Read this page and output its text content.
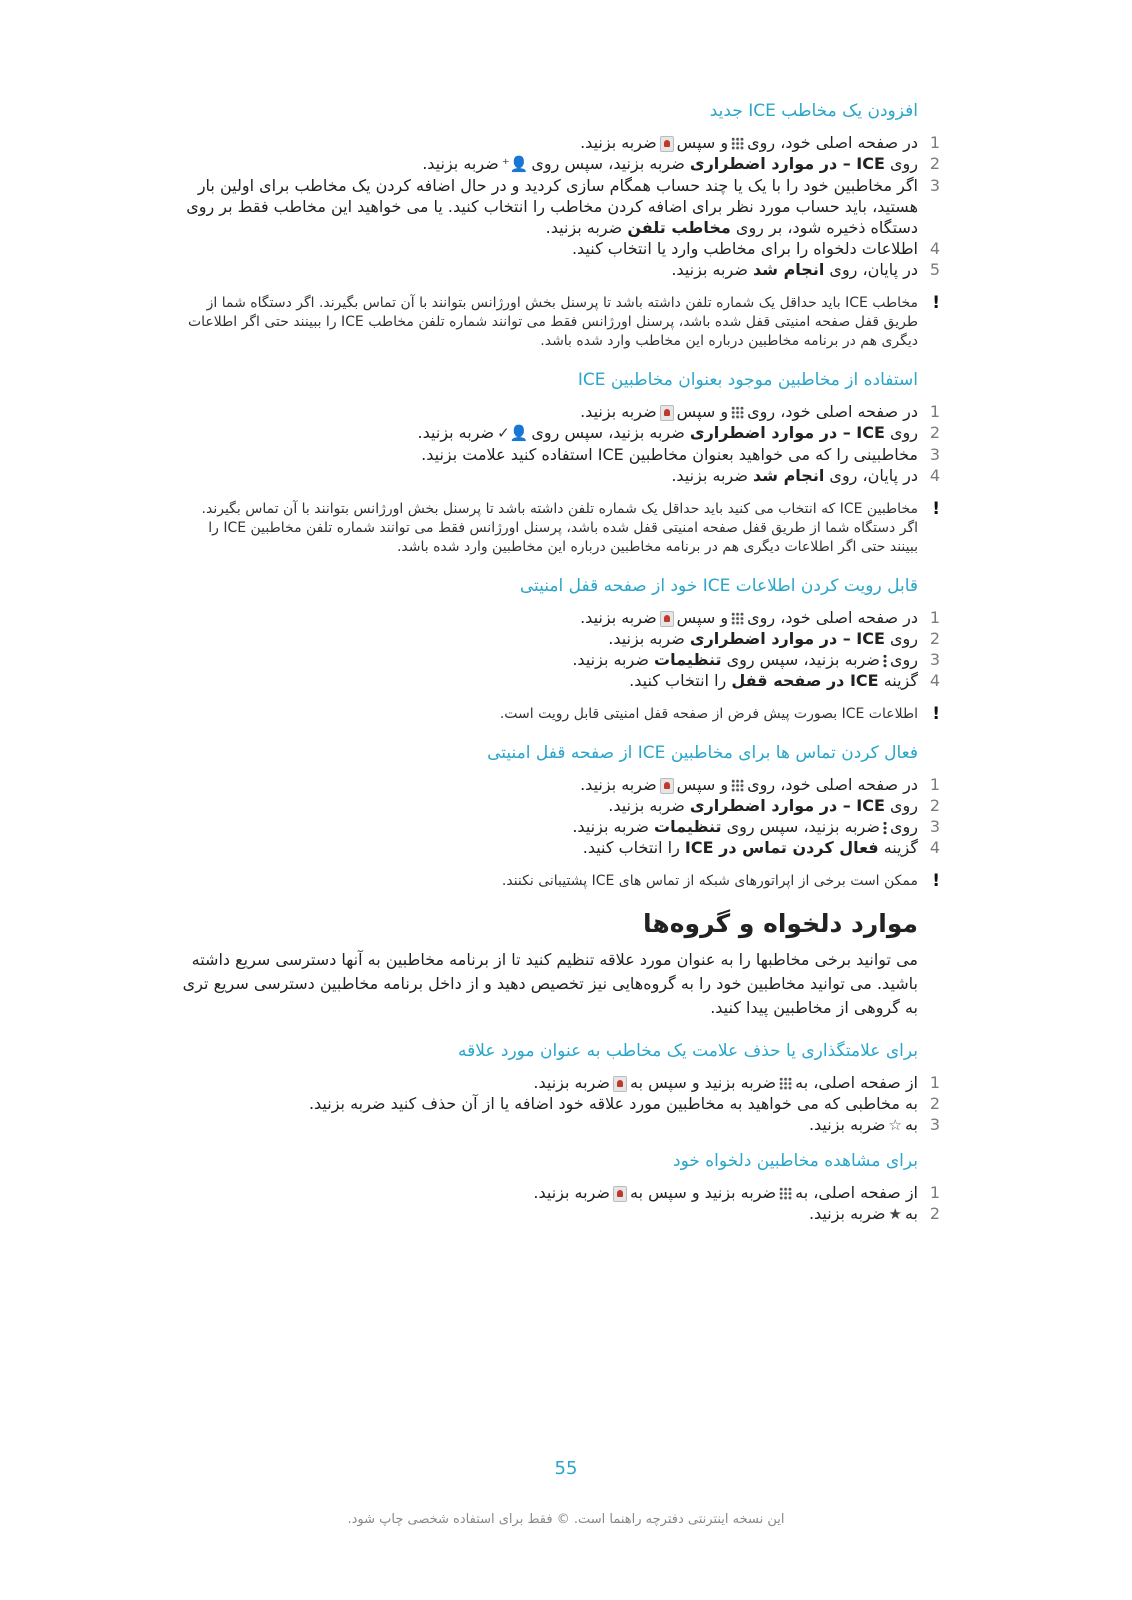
افزودن یک مخاطب ICE جدید
1
در صفحه اصلی خود، رویو سپسضربه بزنید.
2
روی ICE – در موارد اضطراری ضربه بزنید، سپس روی👤⁺ضربه بزنید.
3
اگر مخاطبین خود را با یک یا چند حساب همگام سازی کردید و در حال اضافه کردن یک مخاطب برای اولین بار هستید، باید حساب مورد نظر برای اضافه کردن مخاطب را انتخاب کنید. یا می خواهید این مخاطب فقط بر روی دستگاه ذخیره شود، بر روی مخاطب تلفن ضربه بزنید.
4
اطلاعات دلخواه را برای مخاطب وارد یا انتخاب کنید.
5
در پایان، روی انجام شد ضربه بزنید.
!
مخاطب ICE باید حداقل یک شماره تلفن داشته باشد تا پرسنل بخش اورژانس بتوانند با آن تماس بگیرند. اگر دستگاه شما از طریق قفل صفحه امنیتی قفل شده باشد، پرسنل اورژانس فقط می توانند شماره تلفن مخاطب ICE را ببینند حتی اگر اطلاعات دیگری هم در برنامه مخاطبین درباره این مخاطب وارد شده باشد.
استفاده از مخاطبین موجود بعنوان مخاطبین ICE
1
در صفحه اصلی خود، رویو سپسضربه بزنید.
2
روی ICE – در موارد اضطراری ضربه بزنید، سپس روی👤✓ضربه بزنید.
3
مخاطبینی را که می خواهید بعنوان مخاطبین ICE استفاده کنید علامت بزنید.
4
در پایان، روی انجام شد ضربه بزنید.
!
مخاطبین ICE که انتخاب می کنید باید حداقل یک شماره تلفن داشته باشد تا پرسنل بخش اورژانس بتوانند با آن تماس بگیرند. اگر دستگاه شما از طریق قفل صفحه امنیتی قفل شده باشد، پرسنل اورژانس فقط می توانند شماره تلفن مخاطبین ICE را ببینند حتی اگر اطلاعات دیگری هم در برنامه مخاطبین درباره این مخاطبین وارد شده باشد.
قابل رویت کردن اطلاعات ICE خود از صفحه قفل امنیتی
1
در صفحه اصلی خود، رویو سپسضربه بزنید.
2
روی ICE – در موارد اضطراری ضربه بزنید.
3
رویضربه بزنید، سپس روی تنظیمات ضربه بزنید.
4
گزینه ICE در صفحه قفل را انتخاب کنید.
!
اطلاعات ICE بصورت پیش فرض از صفحه قفل امنیتی قابل رویت است.
فعال کردن تماس ها برای مخاطبین ICE از صفحه قفل امنیتی
1
در صفحه اصلی خود، رویو سپسضربه بزنید.
2
روی ICE – در موارد اضطراری ضربه بزنید.
3
رویضربه بزنید، سپس روی تنظیمات ضربه بزنید.
4
گزینه فعال کردن تماس در ICE را انتخاب کنید.
!
ممکن است برخی از اپراتورهای شبکه از تماس های ICE پشتیبانی نکنند.
موارد دلخواه و گروه‌ها
می توانید برخی مخاطبها را به عنوان مورد علاقه تنظیم کنید تا از برنامه مخاطبین به آنها دسترسی سریع داشته باشید. می توانید مخاطبین خود را به گروه‌هایی نیز تخصیص دهید و از داخل برنامه مخاطبین دسترسی سریع تری به گروهی از مخاطبین پیدا کنید.
برای علامتگذاری یا حذف علامت یک مخاطب به عنوان مورد علاقه
1
از صفحه اصلی، بهضربه بزنید و سپس بهضربه بزنید.
2
به مخاطبی که می خواهید به مخاطبین مورد علاقه خود اضافه یا از آن حذف کنید ضربه بزنید.
3
به☆ضربه بزنید.
برای مشاهده مخاطبین دلخواه خود
1
از صفحه اصلی، بهضربه بزنید و سپس بهضربه بزنید.
2
به★ضربه بزنید.
55
این نسخه اینترنتی دفترچه راهنما است. © فقط برای استفاده شخصی چاپ شود.
